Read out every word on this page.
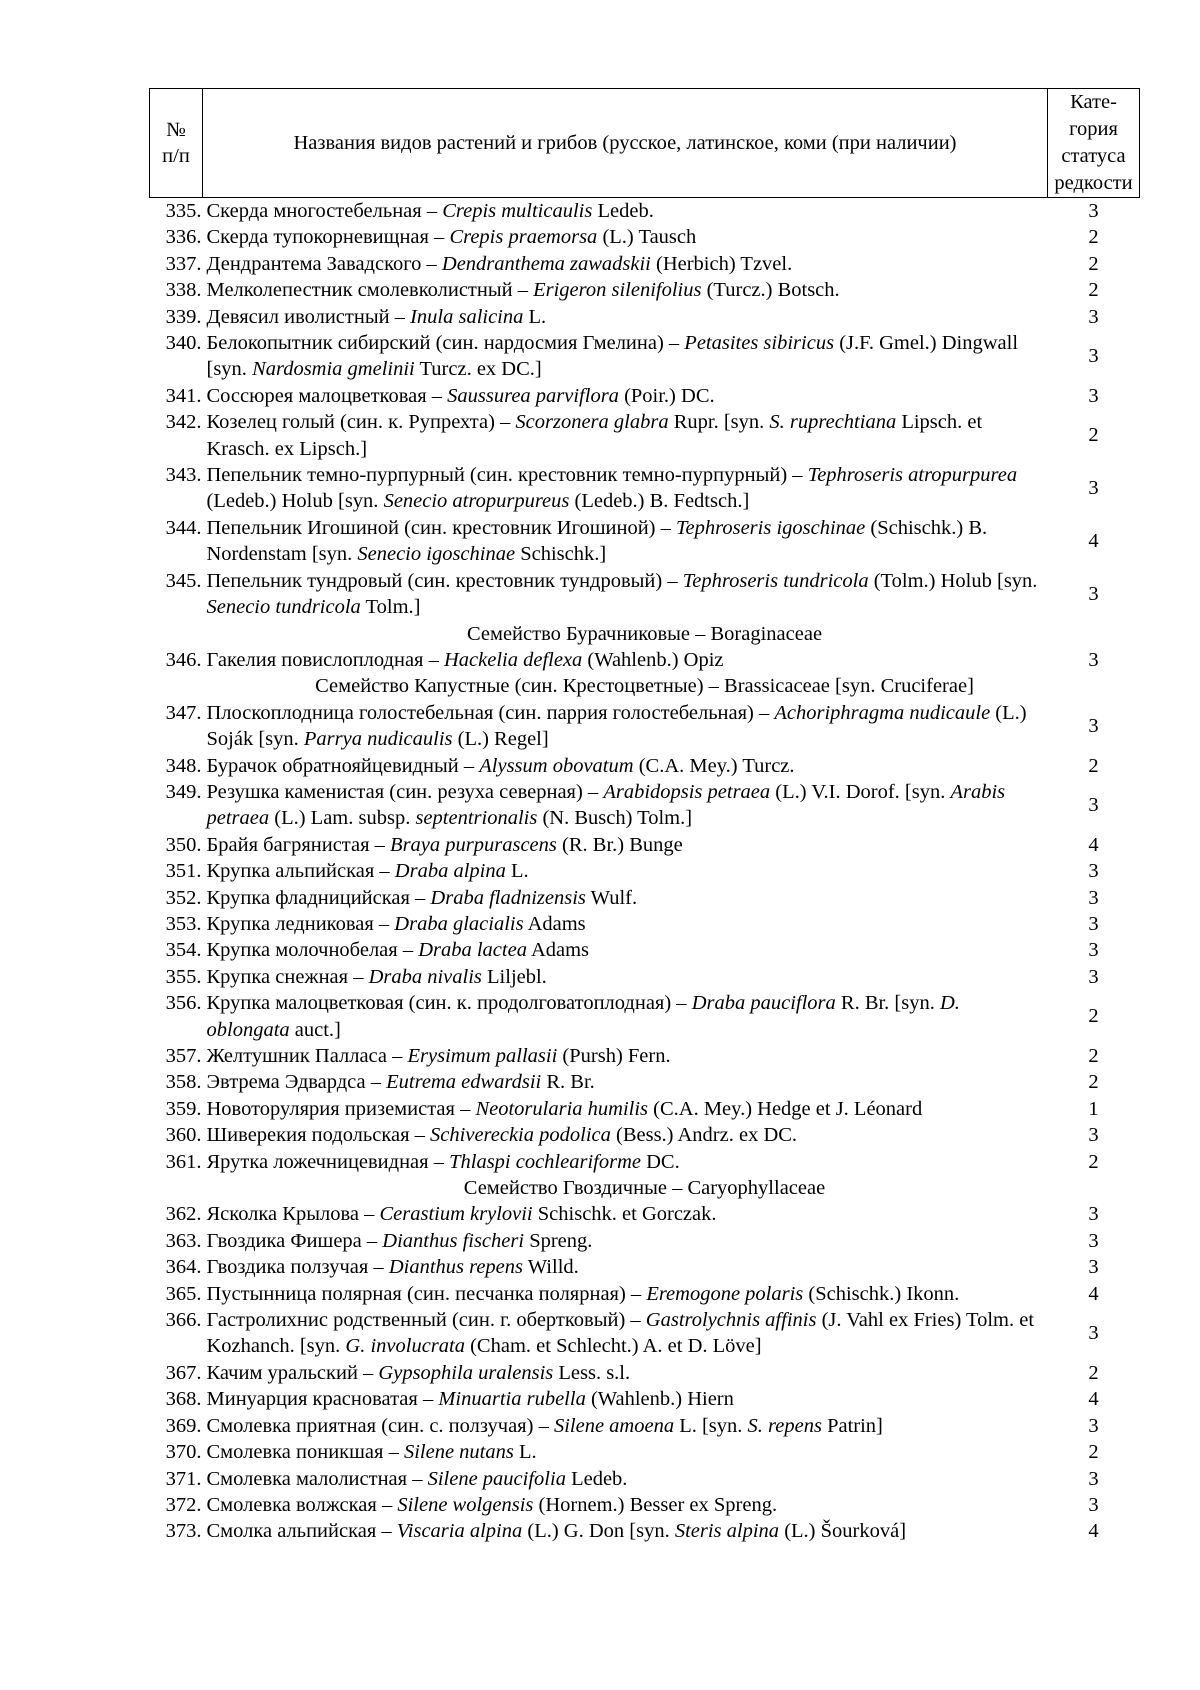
№
п/п	Названия видов растений и грибов (русское, латинское, коми (при наличии)	Кате-
гория
статуса
редкости
335.	Скерда многостебельная – Crepis multicaulis Ledeb.	3
336.	Скерда тупокорневищная – Crepis praemorsa (L.) Tausch	2
337.	Дендрантема Завадского – Dendranthema zawadskii (Herbich) Tzvel.	2
338.	Мелколепестник смолевколистный – Erigeron silenifolius (Turcz.) Botsch.	2
339.	Девясил иволистный – Inula salicina L.	3
340.	Белокопытник сибирский (син. нардосмия Гмелина) – Petasites sibiricus (J.F. Gmel.) Dingwall [syn. Nardosmia gmelinii Turcz. ex DC.]	3
341.	Соссюрея малоцветковая – Saussurea parviflora (Poir.) DC.	3
342.	Козелец голый (син. к. Рупрехта) – Scorzonera glabra Rupr. [syn. S. ruprechtiana Lipsch. et Krasch. ex Lipsch.]	2
343.	Пепельник темно-пурпурный (син. крестовник темно-пурпурный) – Tephroseris atropurpurea (Ledeb.) Holub [syn. Senecio atropurpureus (Ledeb.) B. Fedtsch.]	3
344.	Пепельник Игошиной (син. крестовник Игошиной) – Tephroseris igoschinae (Schischk.) B. Nordenstam [syn. Senecio igoschinae Schischk.]	4
345.	Пепельник тундровый (син. крестовник тундровый) – Tephroseris tundricola (Tolm.) Holub [syn. Senecio tundricola Tolm.]	3
Семейство Бурачниковые – Boraginaceae		
346.	Гакелия повислоплодная – Hackelia deflexa (Wahlenb.) Opiz	3
Семейство Капустные (син. Крестоцветные) – Brassicaceae [syn. Cruciferae]		
347.	Плоскоплодница голостебельная (син. паррия голостебельная) – Achoriphragma nudicaule (L.) Soják [syn. Parrya nudicaulis (L.) Regel]	3
348.	Бурачок обратнояйцевидный – Alyssum obovatum (C.A. Mey.) Turcz.	2
349.	Резушка каменистая (син. резуха северная) – Arabidopsis petraea (L.) V.I. Dorof. [syn. Arabis petraea (L.) Lam. subsp. septentrionalis (N. Busch) Tolm.]	3
350.	Брайя багрянистая – Braya purpurascens (R. Br.) Bunge	4
351.	Крупка альпийская – Draba alpina L.	3
352.	Крупка фладницийская – Draba fladnizensis Wulf.	3
353.	Крупка ледниковая – Draba glacialis Adams	3
354.	Крупка молочнобелая – Draba lactea Adams	3
355.	Крупка снежная – Draba nivalis Liljebl.	3
356.	Крупка малоцветковая (син. к. продолговатоплодная) – Draba pauciflora R. Br. [syn. D. oblongata auct.]	2
357.	Желтушник Палласа – Erysimum pallasii (Pursh) Fern.	2
358.	Эвтрема Эдвардса – Eutrema edwardsii R. Br.	2
359.	Новоторулярия приземистая – Neotorularia humilis (C.A. Mey.) Hedge et J. Léonard	1
360.	Шиверекия подольская – Schivereckia podolica (Bess.) Andrz. ex DC.	3
361.	Ярутка ложечницевидная – Thlaspi cochleariforme DC.	2
Семейство Гвоздичные – Caryophyllaceae		
362.	Ясколка Крылова – Cerastium krylovii Schischk. et Gorczak.	3
363.	Гвоздика Фишера – Dianthus fischeri Spreng.	3
364.	Гвоздика ползучая – Dianthus repens Willd.	3
365.	Пустынница полярная (син. песчанка полярная) – Eremogone polaris (Schischk.) Ikonn.	4
366.	Гастролихнис родственный (син. г. обертковый) – Gastrolychnis affinis (J. Vahl ex Fries) Tolm. et Kozhanch. [syn. G. involucrata (Cham. et Schlecht.) A. et D. Löve]	3
367.	Качим уральский – Gypsophila uralensis Less. s.l.	2
368.	Минуарция красноватая – Minuartia rubella (Wahlenb.) Hiern	4
369.	Смолевка приятная (син. с. ползучая) – Silene amoena L. [syn. S. repens Patrin]	3
370.	Смолевка поникшая – Silene nutans L.	2
371.	Смолевка малолистная – Silene paucifolia Ledeb.	3
372.	Смолевка волжская – Silene wolgensis (Hornem.) Besser ex Spreng.	3
373.	Смолка альпийская – Viscaria alpina (L.) G. Don [syn. Steris alpina (L.) Šourková]	4
